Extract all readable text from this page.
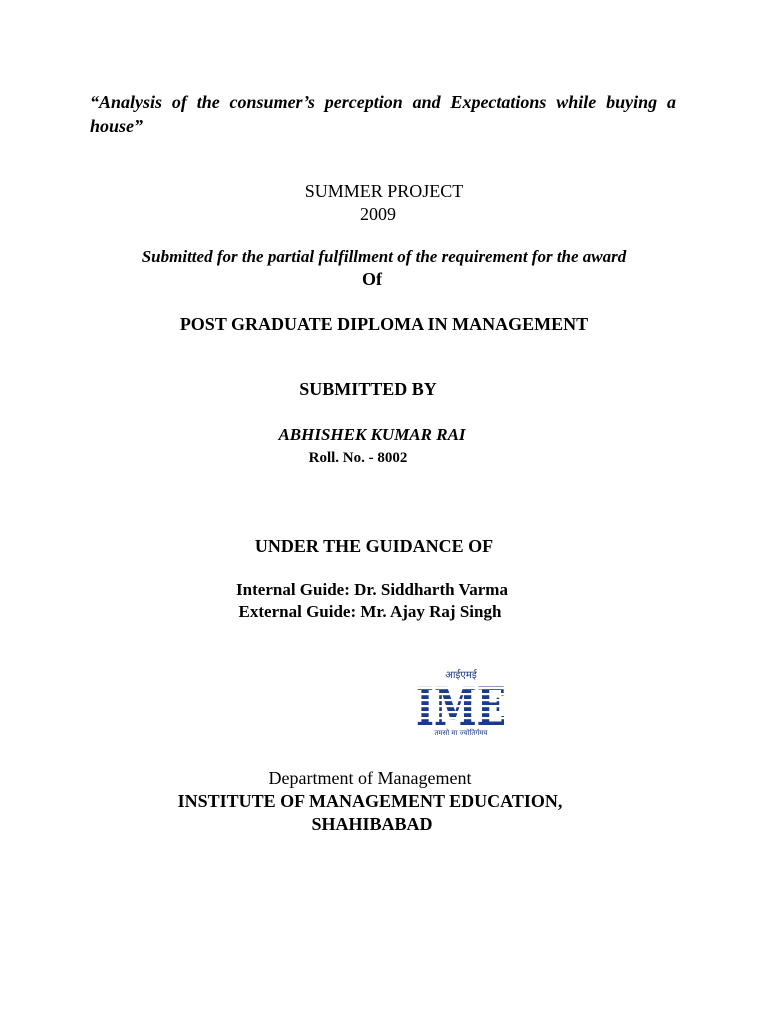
“Analysis of the consumer’s perception and Expectations while buying a house”

SUMMER PROJECT

2009

Submitted for the partial fulfillment of the requirement for the award

Of

POST GRADUATE DIPLOMA IN MANAGEMENT

SUBMITTED BY

ABHISHEK KUMAR RAI

Roll. No. - 8002

UNDER THE GUIDANCE OF

Internal Guide: Dr. Siddharth Varma

External Guide: Mr. Ajay Raj Singh

आईएमई
तमसो मा ज्योतिर्गमय

Department of Management

INSTITUTE OF MANAGEMENT EDUCATION,

SHAHIBABAD
